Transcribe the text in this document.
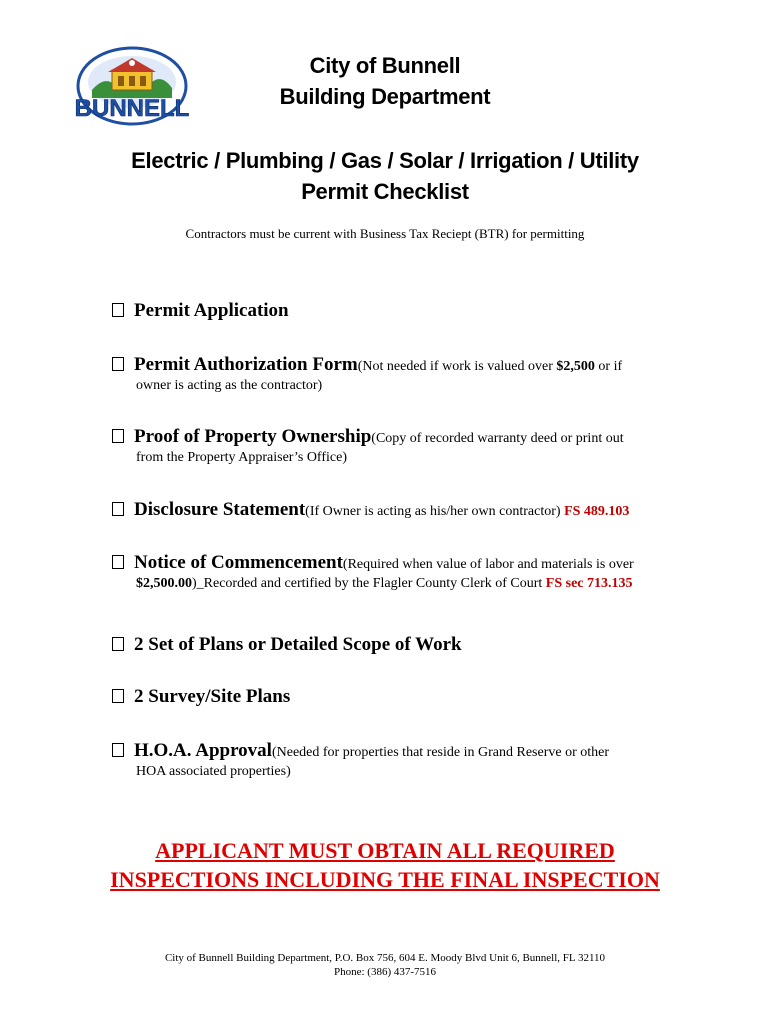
BUNNELL
City of Bunnell
Building Department
Electric / Plumbing / Gas / Solar / Irrigation / Utility
Permit Checklist
Contractors must be current with Business Tax Reciept (BTR) for permitting
Permit Application
Permit Authorization Form (Not needed if work is valued over $2,500 or if
owner is acting as the contractor)
Proof of Property Ownership (Copy of recorded warranty deed or print out
from the Property Appraiser’s Office)
Disclosure Statement (If Owner is acting as his/her own contractor) FS 489.103
Notice of Commencement (Required when value of labor and materials is over
$2,500.00)_Recorded and certified by the Flagler County Clerk of Court FS sec 713.135
2 Set of Plans or Detailed Scope of Work
2 Survey/Site Plans
H.O.A. Approval (Needed for properties that reside in Grand Reserve or other
HOA associated properties)
APPLICANT MUST OBTAIN ALL REQUIRED
INSPECTIONS INCLUDING THE FINAL INSPECTION
City of Bunnell Building Department, P.O. Box 756, 604 E. Moody Blvd Unit 6, Bunnell, FL 32110
Phone: (386) 437-7516
